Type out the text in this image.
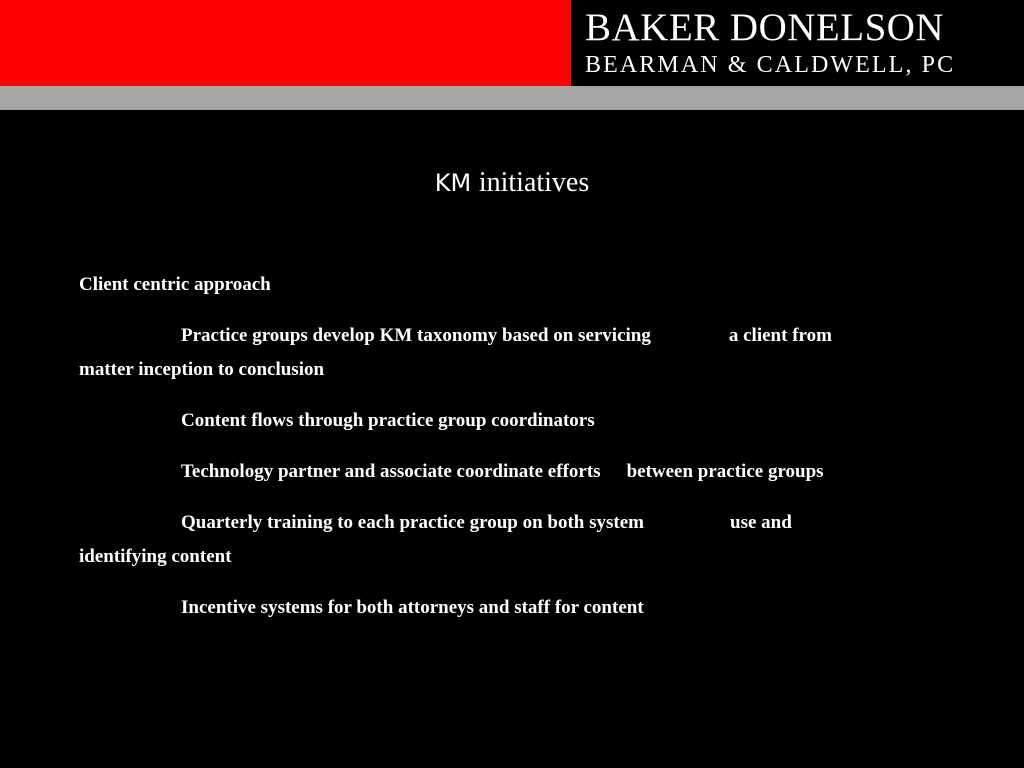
BAKER DONELSON
BEARMAN & CALDWELL, PC
KM initiatives

Client centric approach

Practice groups develop KM taxonomy based on servicing	a client from
matter inception to conclusion

Content flows through practice group coordinators

Technology partner and associate coordinate efforts between practice groups

Quarterly training to each practice group on both system	use and
identifying content

Incentive systems for both attorneys and staff for content
